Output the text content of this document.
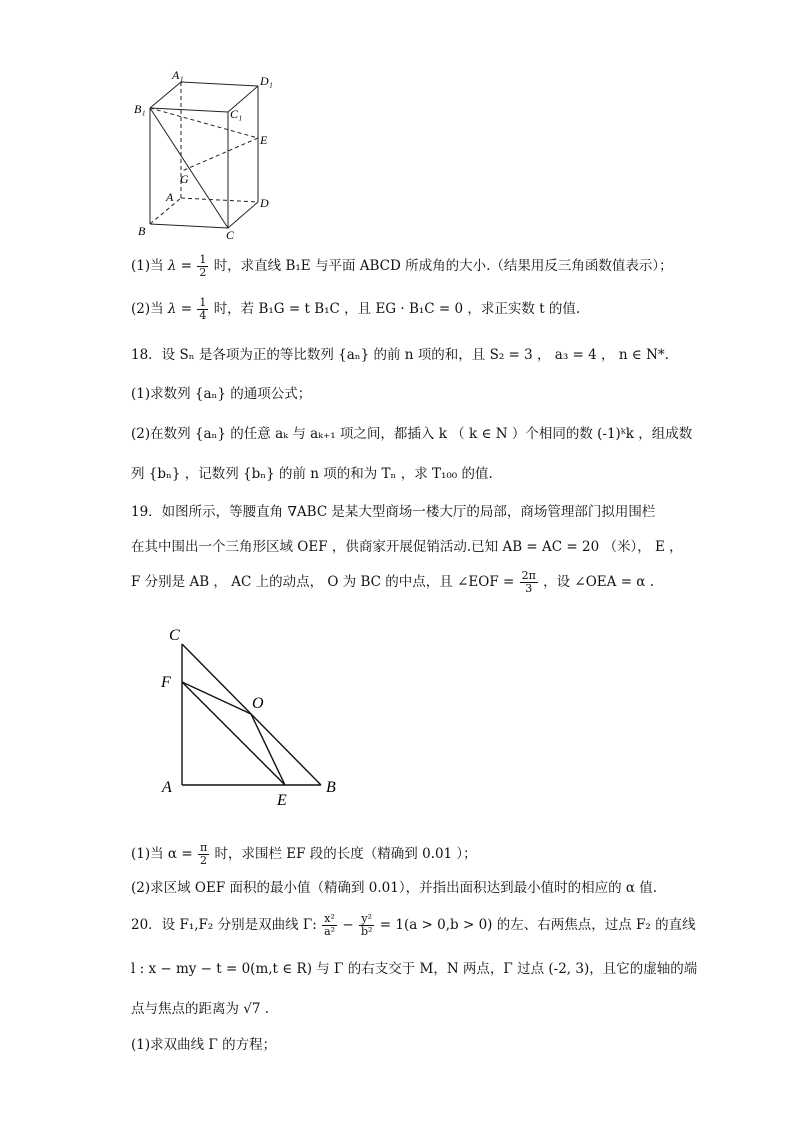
A₁	D₁
B₁	C₁
E
G
A	D
B	C
(1)当 $\lambda = \frac{1}{2}$ 时，求直线 B₁E 与平面 ABCD 所成角的大小.（结果用反三角函数值表示）；
(2)当 $\lambda = \frac{1}{4}$ 时，若 B₁G = t B₁C ，且 EG · B₁C = 0 ，求正实数 t 的值.
18．设 Sₙ 是各项为正的等比数列 {aₙ} 的前 n 项的和，且 S₂ = 3 ， a₃ = 4 ， n ∈ N*.
(1)求数列 {aₙ} 的通项公式；
(2)在数列 {aₙ} 的任意 aₖ 与 aₖ₊₁ 项之间，都插入 k （ k ∈ N ）个相同的数 (-1)ᵏk ，组成数
列 {bₙ} ，记数列 {bₙ} 的前 n 项的和为 Tₙ ，求 T₁₀₀ 的值.
19．如图所示，等腰直角 ∇ABC 是某大型商场一楼大厅的局部，商场管理部门拟用围栏
在其中围出一个三角形区域 OEF ，供商家开展促销活动.已知 AB = AC = 20 （米）， E ，
F 分别是 AB ， AC 上的动点， O 为 BC 的中点，且 ∠EOF = $\frac{2\pi}{3}$ ，设 ∠OEA = α .
C
F
O
A
E
B
(1)当 $\alpha = \frac{\pi}{2}$ 时，求围栏 EF 段的长度（精确到 0.01 ）；
(2)求区域 OEF 面积的最小值（精确到 0.01），并指出面积达到最小值时的相应的 α 值.
20．设 F₁,F₂ 分别是双曲线 Γ: $\frac{\text{x²}}{\text{a²}} - \frac{\text{y²}}{\text{b²}} = 1(a > 0,b > 0)$ 的左、右两焦点，过点 F₂ 的直线
l : x − my − t = 0(m,t ∈ R) 与 Γ 的右支交于 M，N 两点，Γ 过点 (-2, 3)，且它的虚轴的端
点与焦点的距离为 √7 .
(1)求双曲线 Γ 的方程；
